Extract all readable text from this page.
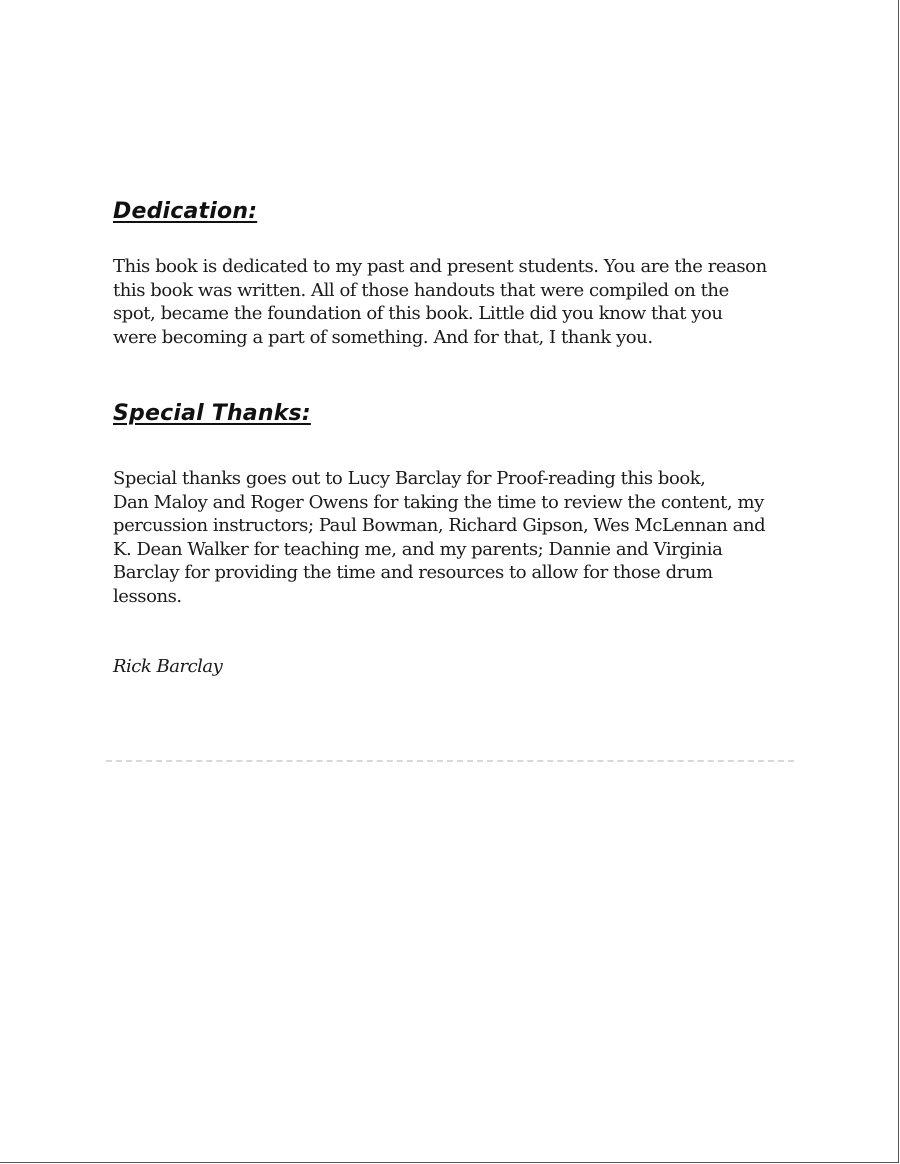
Dedication:

This book is dedicated to my past and present students. You are the reason
this book was written. All of those handouts that were compiled on the
spot, became the foundation of this book. Little did you know that you
were becoming a part of something. And for that, I thank you.

Special Thanks:

Special thanks goes out to Lucy Barclay for Proof-reading this book,
Dan Maloy and Roger Owens for taking the time to review the content, my
percussion instructors; Paul Bowman, Richard Gipson, Wes McLennan and
K. Dean Walker for teaching me, and my parents; Dannie and Virginia
Barclay for providing the time and resources to allow for those drum
lessons.

Rick Barclay
